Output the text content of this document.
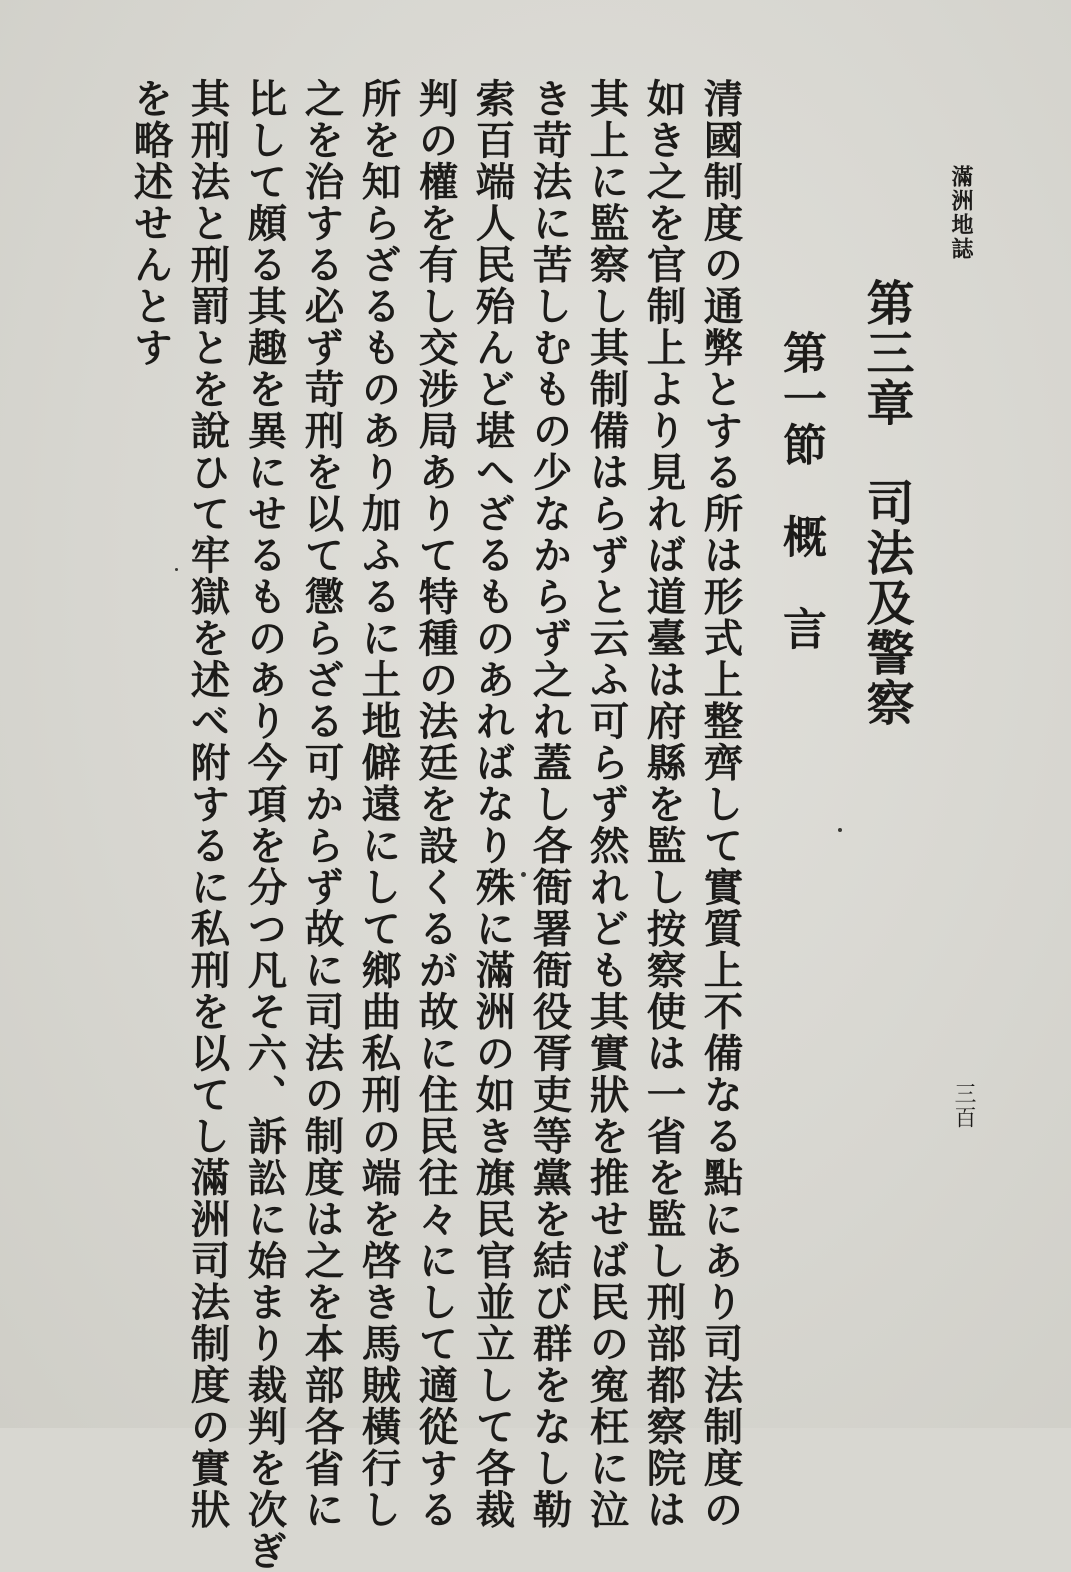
滿洲地誌
三百
第三章　司法及警察
第一節　概　言
清國制度の通弊とする所は形式上整齊して實質上不備なる點にあり司法制度の
如き之を官制上より見れば道臺は府縣を監し按察使は一省を監し刑部都察院は
其上に監察し其制備はらずと云ふ可らず然れども其實狀を推せば民の寃枉に泣
き苛法に苦しむもの少なからず之れ蓋し各衙署衙役胥吏等黨を結び群をなし勒
索百端人民殆んど堪へざるものあればなり殊に滿洲の如き旗民官並立して各裁
判の權を有し交涉局ありて特種の法廷を設くるが故に住民往々にして適從する
所を知らざるものあり加ふるに土地僻遠にして鄉曲私刑の端を啓き馬賊橫行し
之を治する必ず苛刑を以て懲らざる可からず故に司法の制度は之を本部各省に
比して頗る其趣を異にせるものあり今項を分つ凡そ六、訴訟に始まり裁判を次ぎ
其刑法と刑罰とを說ひて牢獄を述べ附するに私刑を以てし滿洲司法制度の實狀
を略述せんとす
